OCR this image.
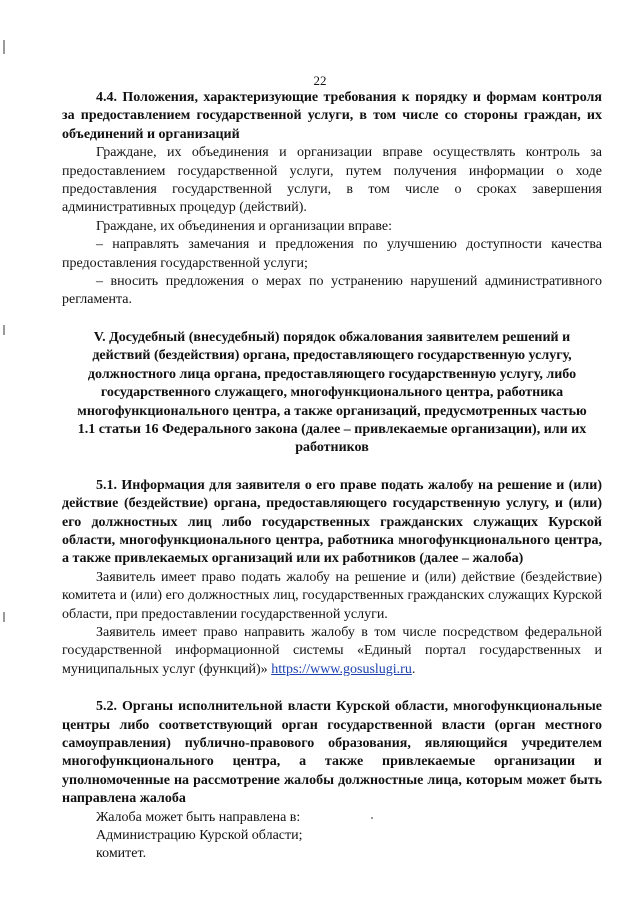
22

4.4. Положения, характеризующие требования к порядку и формам контроля за предоставлением государственной услуги, в том числе со стороны граждан, их объединений и организаций

Граждане, их объединения и организации вправе осуществлять контроль за предоставлением государственной услуги, путем получения информации о ходе предоставления государственной услуги, в том числе о сроках завершения административных процедур (действий).

Граждане, их объединения и организации вправе:

– направлять замечания и предложения по улучшению доступности качества предоставления государственной услуги;

– вносить предложения о мерах по устранению нарушений административного регламента.

V. Досудебный (внесудебный) порядок обжалования заявителем решений и действий (бездействия) органа, предоставляющего государственную услугу, должностного лица органа, предоставляющего государственную услугу, либо государственного служащего, многофункционального центра, работника многофункционального центра, а также организаций, предусмотренных частью 1.1 статьи 16 Федерального закона (далее – привлекаемые организации), или их работников

5.1. Информация для заявителя о его праве подать жалобу на решение и (или) действие (бездействие) органа, предоставляющего государственную услугу, и (или) его должностных лиц либо государственных гражданских служащих Курской области, многофункционального центра, работника многофункционального центра, а также привлекаемых организаций или их работников (далее – жалоба)

Заявитель имеет право подать жалобу на решение и (или) действие (бездействие) комитета и (или) его должностных лиц, государственных гражданских служащих Курской области, при предоставлении государственной услуги.

Заявитель имеет право направить жалобу в том числе посредством федеральной государственной информационной системы «Единый портал государственных и муниципальных услуг (функций)» https://www.gosuslugi.ru.

5.2. Органы исполнительной власти Курской области, многофункциональные центры либо соответствующий орган государственной власти (орган местного самоуправления) публично-правового образования, являющийся учредителем многофункционального центра, а также привлекаемые организации и уполномоченные на рассмотрение жалобы должностные лица, которым может быть направлена жалоба

Жалоба может быть направлена в:

Администрацию Курской области;

комитет.
